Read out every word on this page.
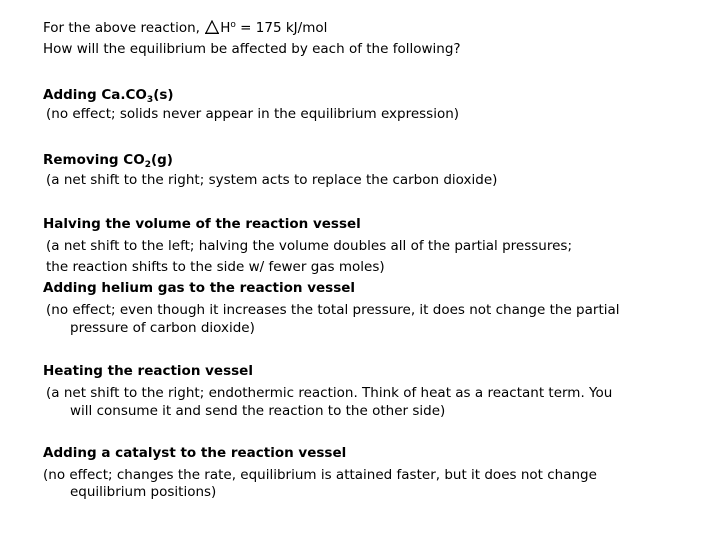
For the above reaction,
$H^o = 175$ kJ/mol
How will the equilibrium be affected by each of the following?
Adding $Ca.CO_3(s)$
(no effect; solids never appear in the equilibrium expression)
Removing $CO_2(g)$
(a net shift to the right; system acts to replace the carbon dioxide)
Halving the volume of the reaction vessel
(a net shift to the left; halving the volume doubles all of the partial pressures;
the reaction shifts to the side w/ fewer gas moles)
Adding helium gas to the reaction vessel
(no effect; even though it increases the total pressure, it does not change the partial
pressure of carbon dioxide)
Heating the reaction vessel
(a net shift to the right; endothermic reaction. Think of heat as a reactant term. You
will consume it and send the reaction to the other side)
Adding a catalyst to the reaction vessel
(no effect; changes the rate, equilibrium is attained faster, but it does not change
equilibrium positions)
